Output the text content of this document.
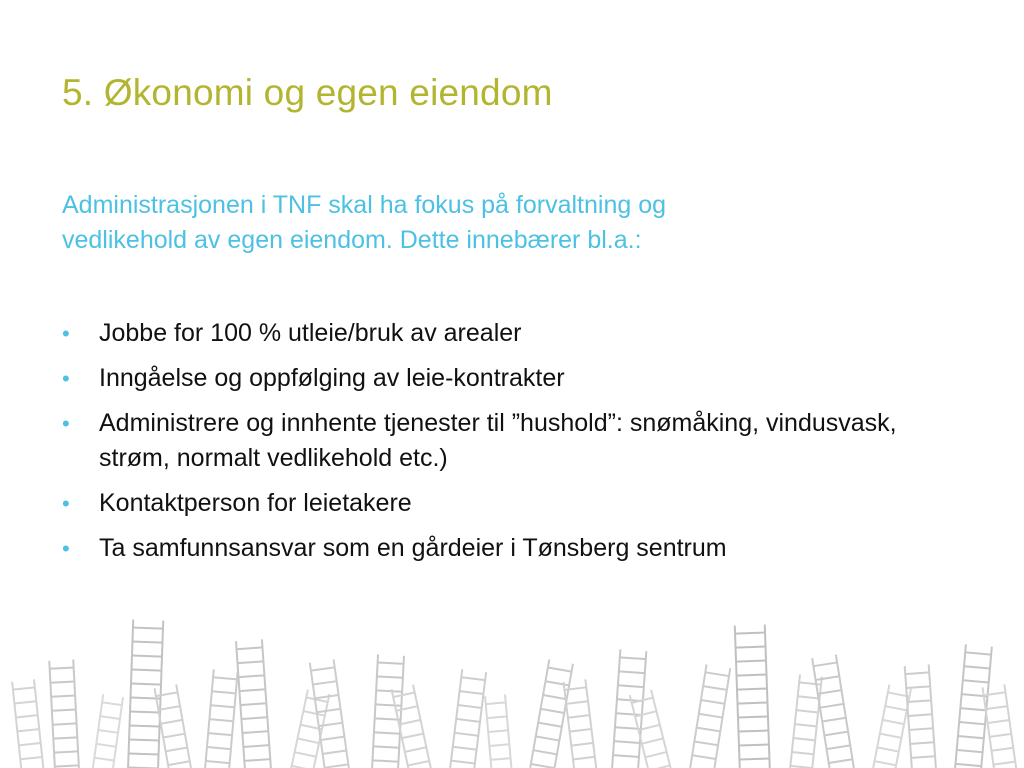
5. Økonomi og egen eiendom

Administrasjonen i TNF skal ha fokus på forvaltning og
vedlikehold av egen eiendom. Dette innebærer bl.a.:

•	Jobbe for 100 % utleie/bruk av arealer
•	Inngåelse og oppfølging av leie-kontrakter
•	Administrere og innhente tjenester til ”hushold”: snømåking, vindusvask, strøm, normalt vedlikehold etc.)
•	Kontaktperson for leietakere
•	Ta samfunnsansvar som en gårdeier i Tønsberg sentrum
